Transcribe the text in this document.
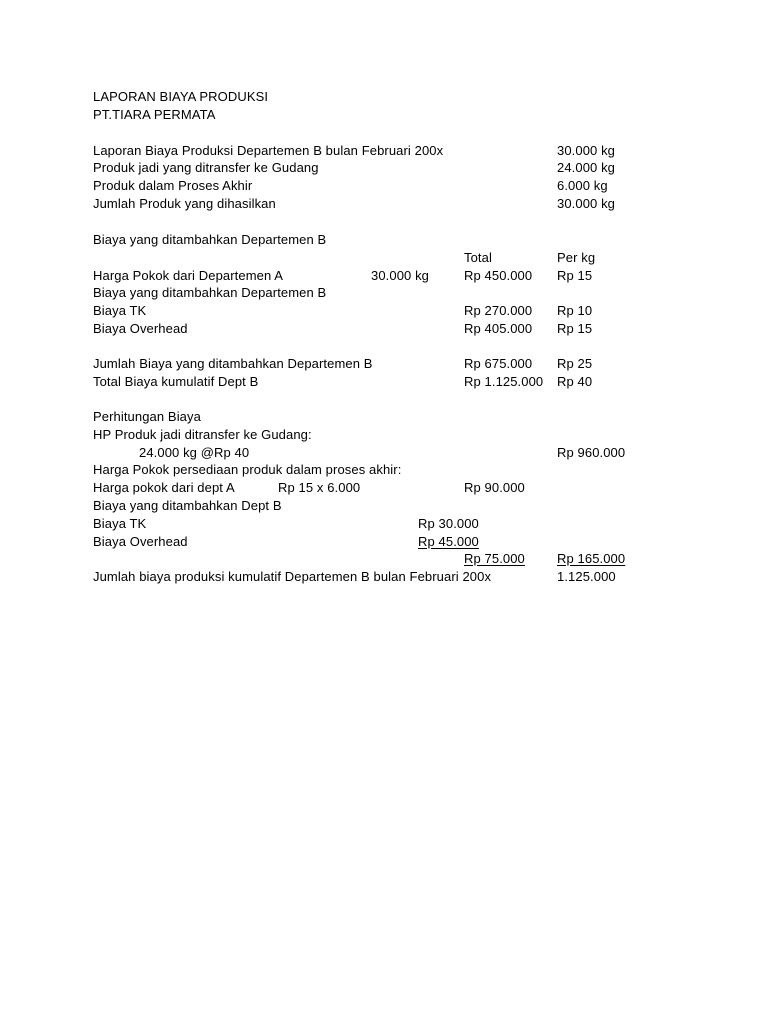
LAPORAN BIAYA PRODUKSI
PT.TIARA PERMATA
Laporan Biaya Produksi Departemen B bulan Februari 200x	30.000 kg
Produk jadi yang ditransfer ke Gudang	24.000 kg
Produk dalam Proses Akhir	6.000 kg
Jumlah Produk yang dihasilkan	30.000 kg
Biaya yang ditambahkan Departemen B
Total	Per kg
Harga Pokok dari Departemen A	30.000 kg	Rp 450.000 Rp 15
Biaya yang ditambahkan Departemen B
Biaya TK	Rp 270.000 Rp 10
Biaya Overhead	Rp 405.000 Rp 15
Jumlah Biaya yang ditambahkan Departemen B	Rp 675.000 Rp 25
Total Biaya kumulatif Dept B	Rp 1.125.000 Rp 40
Perhitungan Biaya
HP Produk jadi ditransfer ke Gudang:
24.000 kg @Rp 40	Rp 960.000
Harga Pokok persediaan produk dalam proses akhir:
Harga pokok dari dept A	Rp 15 x 6.000	Rp 90.000
Biaya yang ditambahkan Dept B
Biaya TK	Rp 30.000
Biaya Overhead	Rp 45.000
Rp 75.000 Rp 165.000
Jumlah biaya produksi kumulatif Departemen B bulan Februari 200x	1.125.000
